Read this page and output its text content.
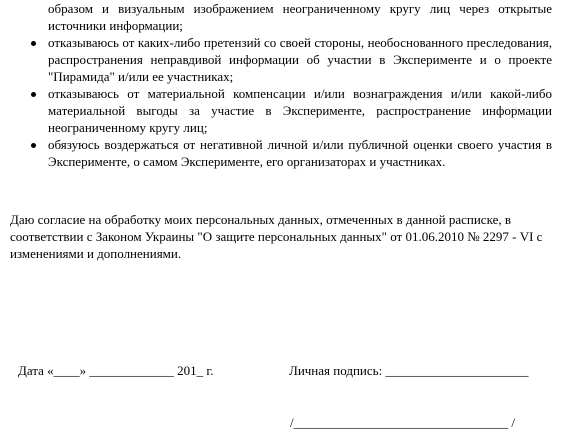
образом и визуальным изображением неограниченному кругу лиц через открытые источники информации;
отказываюсь от каких-либо претензий со своей стороны, необоснованного преследования, распространения неправдивой информации об участии в Эксперименте и о проекте "Пирамида" и/или ее участниках;
отказываюсь от материальной компенсации и/или вознаграждения и/или какой-либо материальной выгоды за участие в Эксперименте, распространение информации неограниченному кругу лиц;
обязуюсь воздержаться от негативной личной и/или публичной оценки своего участия в Эксперименте, о самом Эксперименте, его организаторах и участниках.

Даю согласие на обработку моих персональных данных, отмеченных в данной расписке, в соответствии с Законом Украины "О защите персональных данных" от 01.06.2010 № 2297 - VI с изменениями и дополнениями.

Дата «____» _____________ 201_ г.	Личная подпись: ______________________
/_________________________________ /
